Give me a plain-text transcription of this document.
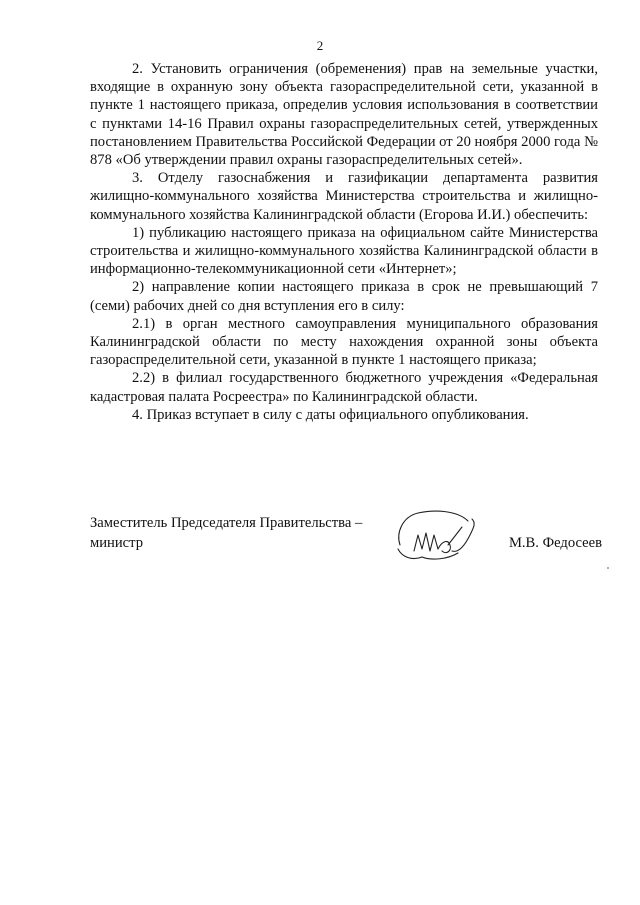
2

2. Установить ограничения (обременения) прав на земельные участки, входящие в охранную зону объекта газораспределительной сети, указанной в пункте 1 настоящего приказа, определив условия использования в соответствии с пунктами 14-16 Правил охраны газораспределительных сетей, утвержденных постановлением Правительства Российской Федерации от 20 ноября 2000 года № 878 «Об утверждении правил охраны газораспределительных сетей».

3. Отделу газоснабжения и газификации департамента развития жилищно-коммунального хозяйства Министерства строительства и жилищно-коммунального хозяйства Калининградской области (Егорова И.И.) обеспечить:

1) публикацию настоящего приказа на официальном сайте Министерства строительства и жилищно-коммунального хозяйства Калининградской области в информационно-телекоммуникационной сети «Интернет»;

2) направление копии настоящего приказа в срок не превышающий 7 (семи) рабочих дней со дня вступления его в силу:

2.1) в орган местного самоуправления муниципального образования Калининградской области по месту нахождения охранной зоны объекта газораспределительной сети, указанной в пункте 1 настоящего приказа;

2.2) в филиал государственного бюджетного учреждения «Федеральная кадастровая палата Росреестра» по Калининградской области.

4. Приказ вступает в силу с даты официального опубликования.

Заместитель Председателя Правительства –
министр	М.В. Федосеев
